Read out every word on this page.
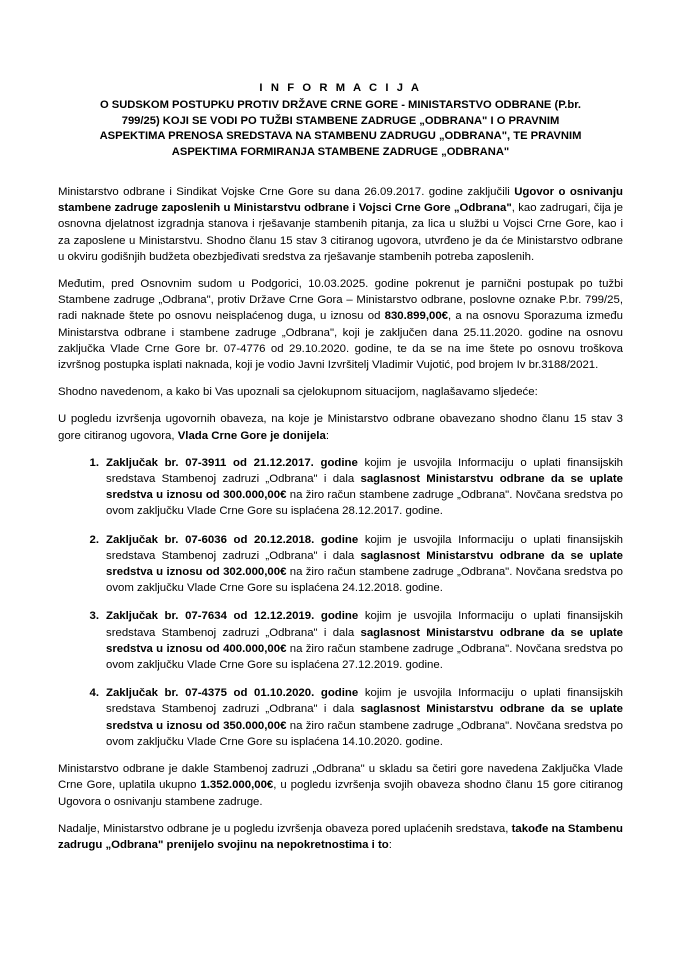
I N F O R M A C I J A
O SUDSKOM POSTUPKU PROTIV DRŽAVE CRNE GORE - MINISTARSTVO ODBRANE (P.br.
799/25) KOJI SE VODI PO TUŽBI STAMBENE ZADRUGE „ODBRANA" I O PRAVNIM
ASPEKTIMA PRENOSA SREDSTAVA NA STAMBENU ZADRUGU „ODBRANA", TE PRAVNIM
ASPEKTIMA FORMIRANJA STAMBENE ZADRUGE „ODBRANA"

Ministarstvo odbrane i Sindikat Vojske Crne Gore su dana 26.09.2017. godine zaključili Ugovor o osnivanju stambene zadruge zaposlenih u Ministarstvu odbrane i Vojsci Crne Gore „Odbrana", kao zadrugari, čija je osnovna djelatnost izgradnja stanova i rješavanje stambenih pitanja, za lica u službi u Vojsci Crne Gore, kao i za zaposlene u Ministarstvu. Shodno članu 15 stav 3 citiranog ugovora, utvrđeno je da će Ministarstvo odbrane u okviru godišnjih budžeta obezbjeđivati sredstva za rješavanje stambenih potreba zaposlenih.

Međutim, pred Osnovnim sudom u Podgorici, 10.03.2025. godine pokrenut je parnični postupak po tužbi Stambene zadruge „Odbrana", protiv Države Crne Gora – Ministarstvo odbrane, poslovne oznake P.br. 799/25, radi naknade štete po osnovu neisplaćenog duga, u iznosu od 830.899,00€, a na osnovu Sporazuma između Ministarstva odbrane i stambene zadruge „Odbrana", koji je zaključen dana 25.11.2020. godine na osnovu zaključka Vlade Crne Gore br. 07-4776 od 29.10.2020. godine, te da se na ime štete po osnovu troškova izvršnog postupka isplati naknada, koji je vodio Javni Izvršitelj Vladimir Vujotić, pod brojem Iv br.3188/2021.

Shodno navedenom, a kako bi Vas upoznali sa cjelokupnom situacijom, naglašavamo sljedeće:

U pogledu izvršenja ugovornih obaveza, na koje je Ministarstvo odbrane obavezano shodno članu 15 stav 3 gore citiranog ugovora, Vlada Crne Gore je donijela:

Zaključak br. 07-3911 od 21.12.2017. godine kojim je usvojila Informaciju o uplati finansijskih sredstava Stambenoj zadruzi „Odbrana" i dala saglasnost Ministarstvu odbrane da se uplate sredstva u iznosu od 300.000,00€ na žiro račun stambene zadruge „Odbrana". Novčana sredstva po ovom zaključku Vlade Crne Gore su isplaćena 28.12.2017. godine.
Zaključak br. 07-6036 od 20.12.2018. godine kojim je usvojila Informaciju o uplati finansijskih sredstava Stambenoj zadruzi „Odbrana" i dala saglasnost Ministarstvu odbrane da se uplate sredstva u iznosu od 302.000,00€ na žiro račun stambene zadruge „Odbrana". Novčana sredstva po ovom zaključku Vlade Crne Gore su isplaćena 24.12.2018. godine.
Zaključak br. 07-7634 od 12.12.2019. godine kojim je usvojila Informaciju o uplati finansijskih sredstava Stambenoj zadruzi „Odbrana" i dala saglasnost Ministarstvu odbrane da se uplate sredstva u iznosu od 400.000,00€ na žiro račun stambene zadruge „Odbrana". Novčana sredstva po ovom zaključku Vlade Crne Gore su isplaćena 27.12.2019. godine.
Zaključak br. 07-4375 od 01.10.2020. godine kojim je usvojila Informaciju o uplati finansijskih sredstava Stambenoj zadruzi „Odbrana" i dala saglasnost Ministarstvu odbrane da se uplate sredstva u iznosu od 350.000,00€ na žiro račun stambene zadruge „Odbrana". Novčana sredstva po ovom zaključku Vlade Crne Gore su isplaćena 14.10.2020. godine.

Ministarstvo odbrane je dakle Stambenoj zadruzi „Odbrana" u skladu sa četiri gore navedena Zaključka Vlade Crne Gore, uplatila ukupno 1.352.000,00€, u pogledu izvršenja svojih obaveza shodno članu 15 gore citiranog Ugovora o osnivanju stambene zadruge.

Nadalje, Ministarstvo odbrane je u pogledu izvršenja obaveza pored uplaćenih sredstava, takođe na Stambenu zadrugu „Odbrana" prenijelo svojinu na nepokretnostima i to:
